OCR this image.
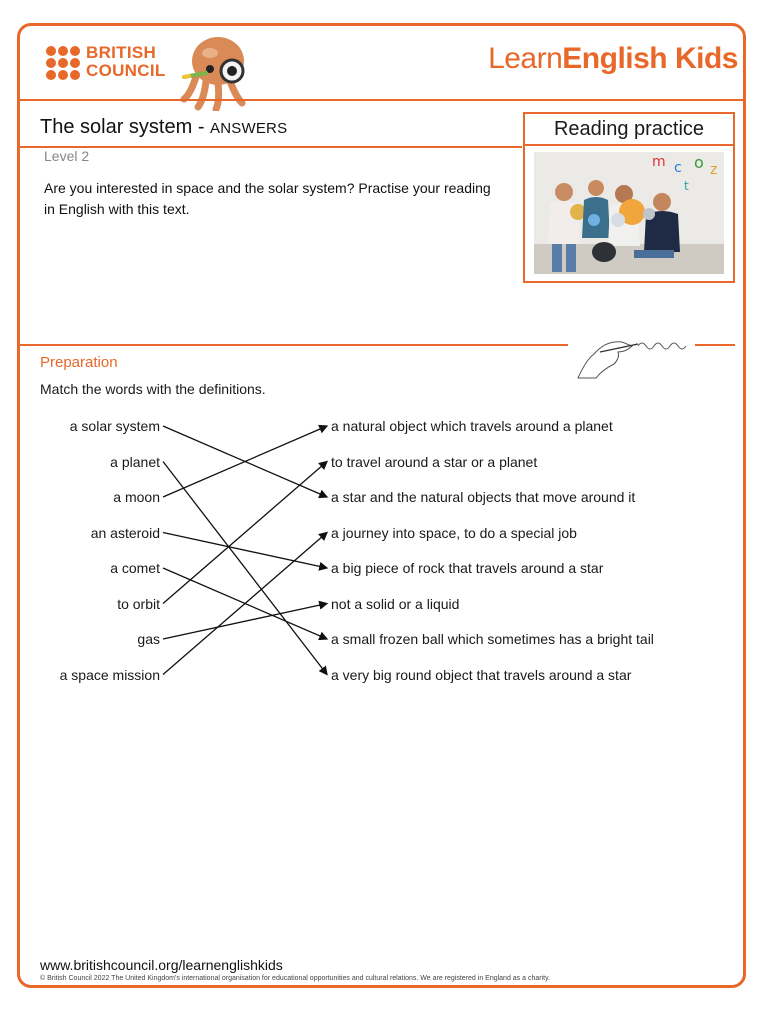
BRITISH
COUNCIL	LearnEnglish Kids
The solar system - ANSWERS	Reading practice
m c o z
t
Level 2
Are you interested in space and the solar system? Practise your reading in English with this text.
Preparation
Match the words with the definitions.
a solar system
a planet
a moon
an asteroid
a comet
to orbit
gas
a space mission
a natural object which travels around a planet
to travel around a star or a planet
a star and the natural objects that move around it
a journey into space, to do a special job
a big piece of rock that travels around a star
not a solid or a liquid
a small frozen ball which sometimes has a bright tail
a very big round object that travels around a star
www.britishcouncil.org/learnenglishkids
© British Council 2022 The United Kingdom's international organisation for educational opportunities and cultural relations. We are registered in England as a charity.
